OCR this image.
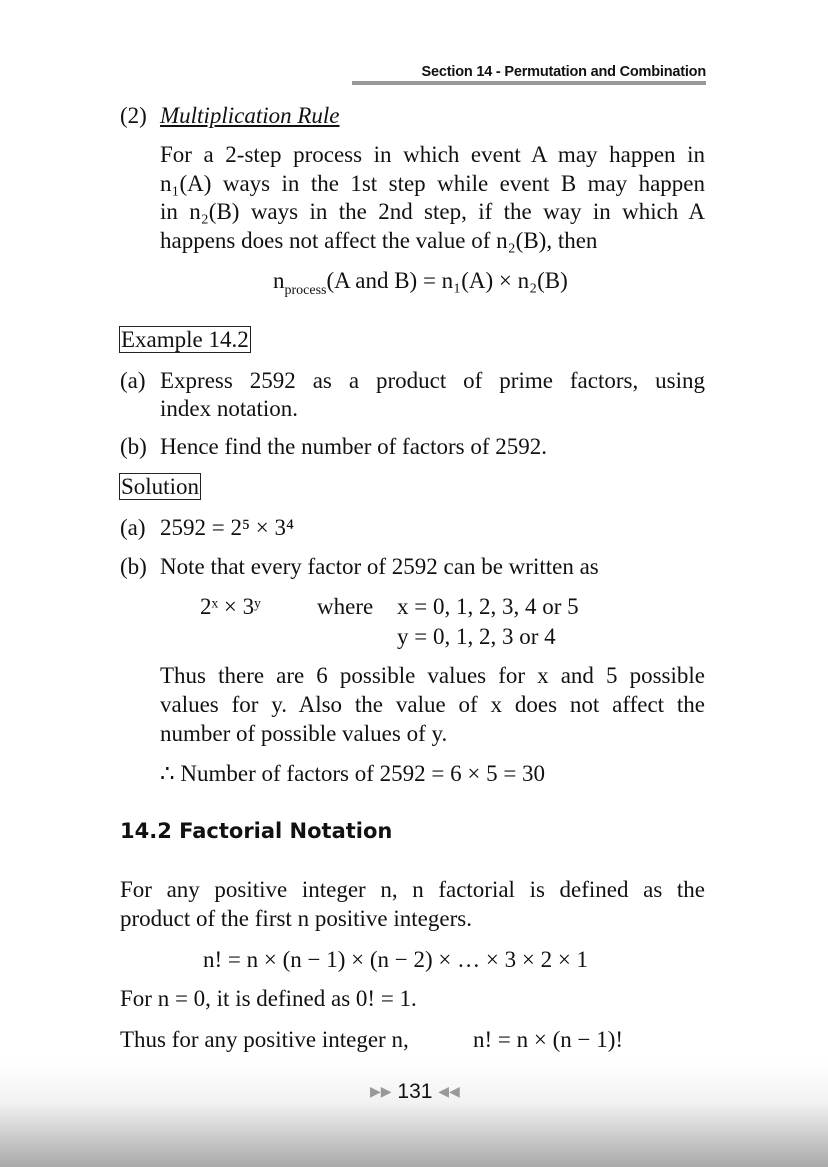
Section 14 - Permutation and Combination
(2) Multiplication Rule
For a 2-step process in which event A may happen in
n₁(A) ways in the 1st step while event B may happen
in n₂(B) ways in the 2nd step, if the way in which A
happens does not affect the value of n₂(B), then
$n_{process}(A$ and B) = n₁(A) × n₂(B)
Example 14.2
(a) Express 2592 as a product of prime factors, using
index notation.
(b) Hence find the number of factors of 2592.
Solution
(a) 2592 = 2⁵ × 3⁴
(b) Note that every factor of 2592 can be written as
2ˣ × 3ʸ where x = 0, 1, 2, 3, 4 or 5
y = 0, 1, 2, 3 or 4
Thus there are 6 possible values for x and 5 possible
values for y. Also the value of x does not affect the
number of possible values of y.
∴ Number of factors of 2592 = 6 × 5 = 30
14.2 Factorial Notation
For any positive integer n, n factorial is defined as the
product of the first n positive integers.
n! = n × (n − 1) × (n − 2) × … × 3 × 2 × 1
For n = 0, it is defined as 0! = 1.
Thus for any positive integer n,	n! = n × (n − 1)!
▶▶ 131 ◀◀
